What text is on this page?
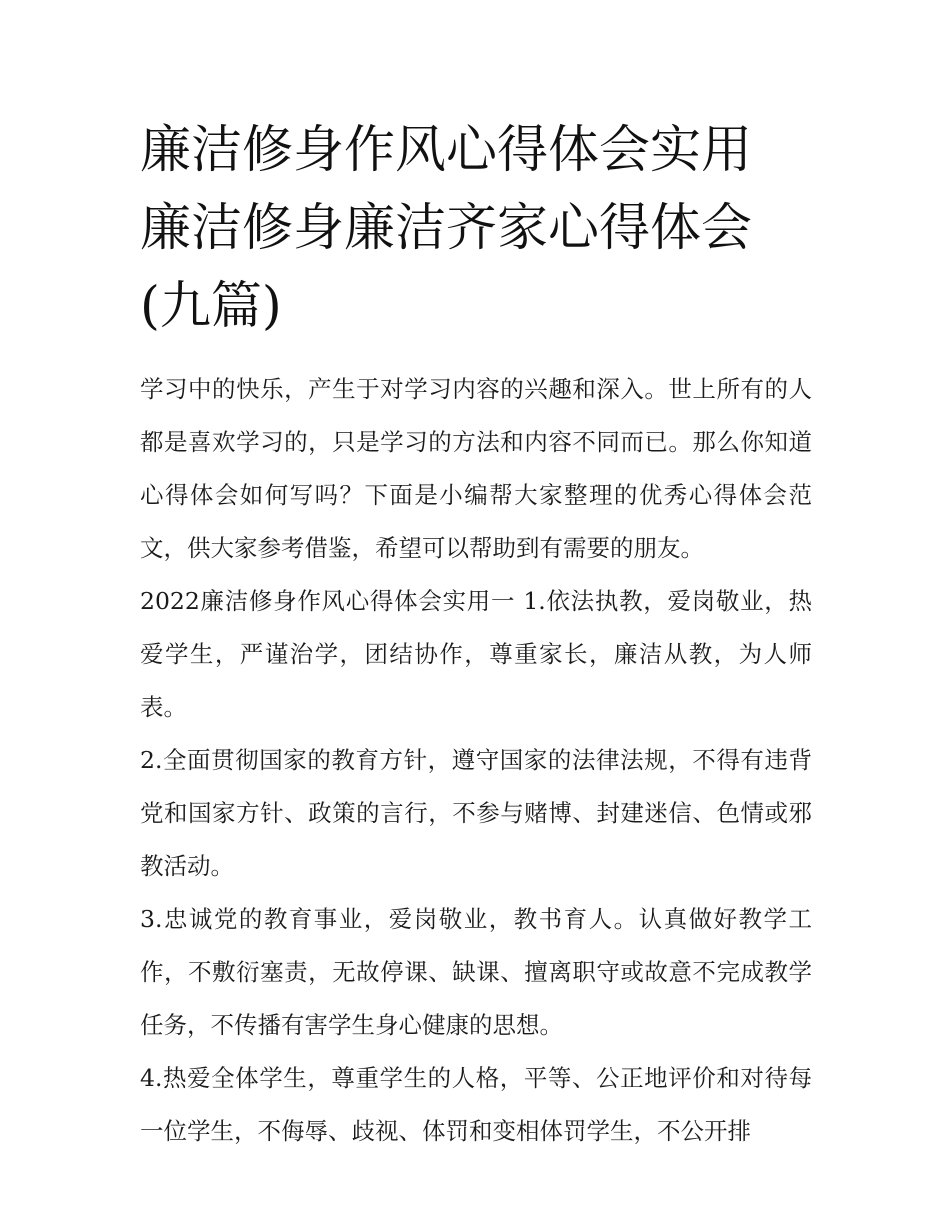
廉洁修身作风心得体会实用 廉洁修身廉洁齐家心得体会(九篇)

学习中的快乐，产生于对学习内容的兴趣和深入。世上所有的人都是喜欢学习的，只是学习的方法和内容不同而已。那么你知道心得体会如何写吗？下面是小编帮大家整理的优秀心得体会范文，供大家参考借鉴，希望可以帮助到有需要的朋友。

2022廉洁修身作风心得体会实用一 1.依法执教，爱岗敬业，热爱学生，严谨治学，团结协作，尊重家长，廉洁从教，为人师表。

2.全面贯彻国家的教育方针，遵守国家的法律法规，不得有违背党和国家方针、政策的言行，不参与赌博、封建迷信、色情或邪教活动。

3.忠诚党的教育事业，爱岗敬业，教书育人。认真做好教学工作，不敷衍塞责，无故停课、缺课、擅离职守或故意不完成教学任务，不传播有害学生身心健康的思想。

4.热爱全体学生，尊重学生的人格，平等、公正地评价和对待每一位学生，不侮辱、歧视、体罚和变相体罚学生，不公开排
